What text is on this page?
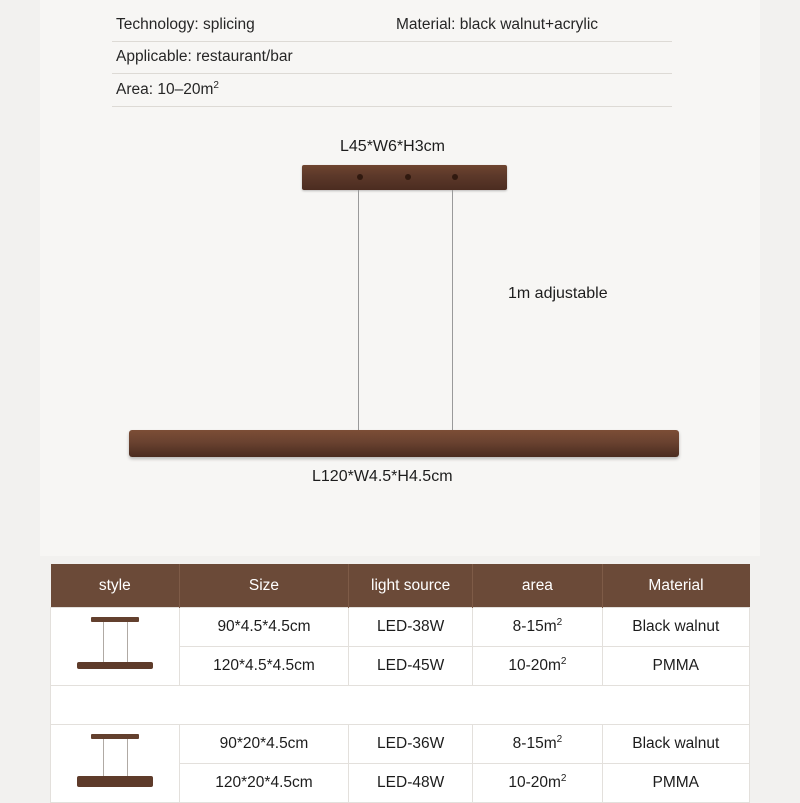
Technology: splicing	Material: black walnut+acrylic
Applicable: restaurant/bar	
Area: $10-20m^2$	
L45*W6*H3cm
1m adjustable
L120*W4.5*H4.5cm
style	Size	light source	area	Material

	90*4.5*4.5cm	LED-38W	$8-15m^2$	Black walnut
	120*4.5*4.5cm	LED-45W	$10-20m^2$	PMMA

	90*20*4.5cm	LED-36W	$8-15m^2$	Black walnut
	120*20*4.5cm	LED-48W	$10-20m^2$	PMMA
